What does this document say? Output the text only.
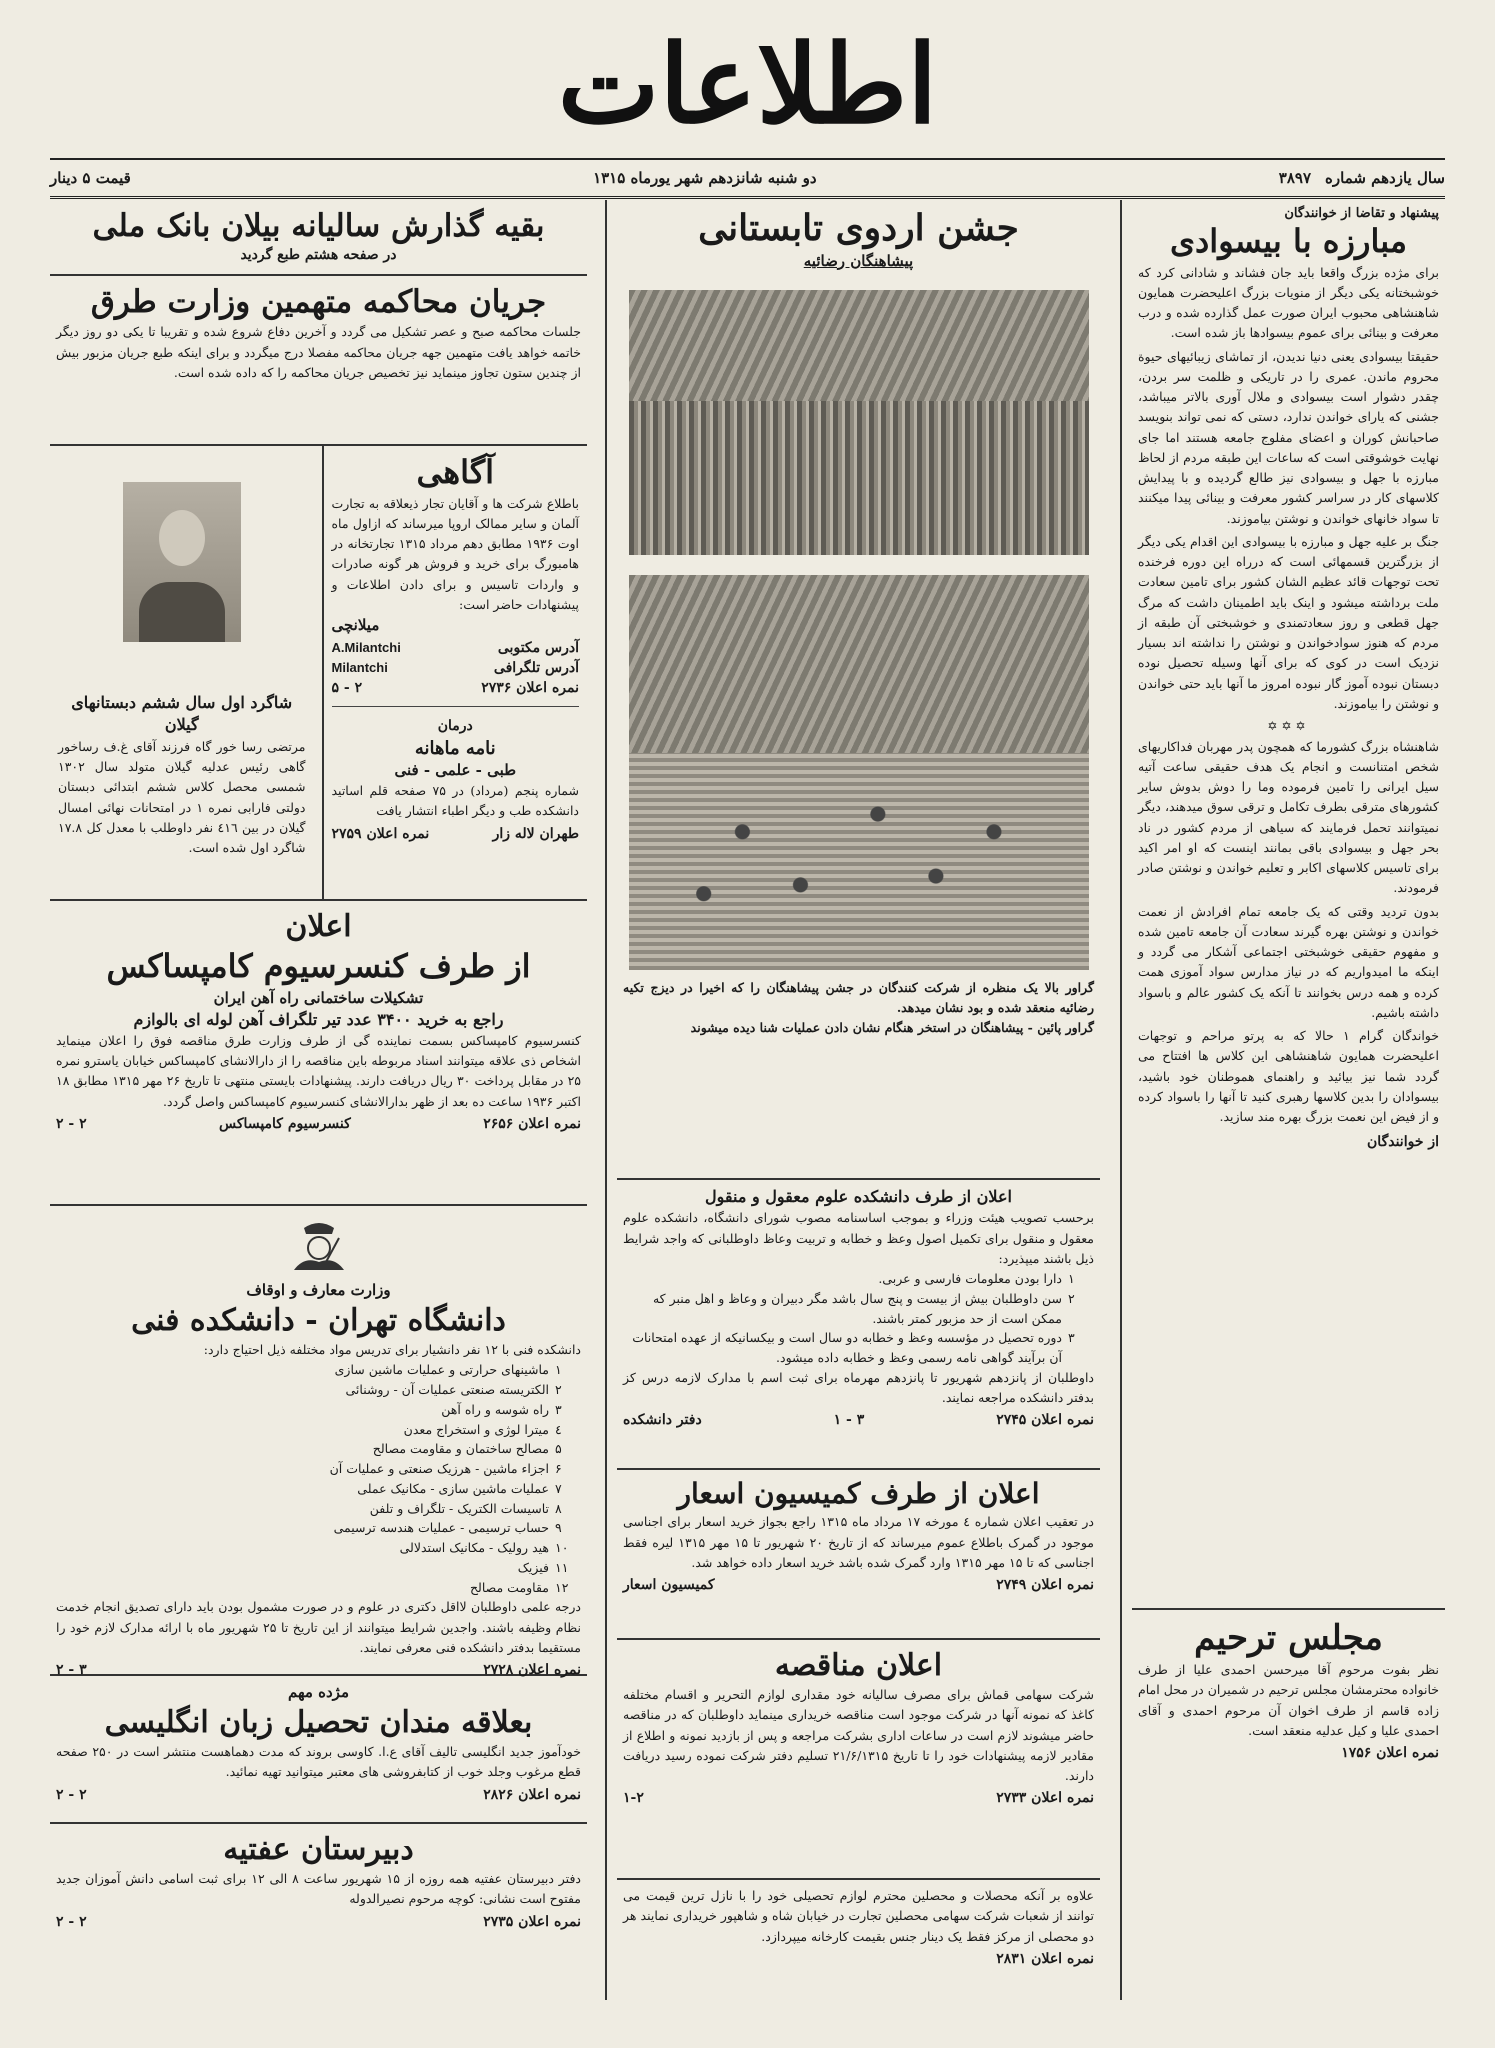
اطلاعات
سال یازدهم شماره
۳۸۹۷
دو شنبه شانزدهم شهر یورماه ۱۳۱۵
قیمت ۵ دینار
پیشنهاد و تقاضا از خوانندگان
مبارزه با بیسوادی

برای مژده بزرگ واقعا باید جان فشاند و شادانی کرد که خوشبختانه یکی دیگر از منویات بزرگ اعلیحضرت همایون شاهنشاهی محبوب ایران صورت عمل گذارده شده و درب معرفت و بینائی برای عموم بیسوادها باز شده است.

حقیقتا بیسوادی یعنی دنیا ندیدن، از تماشای زیبائیهای حیوة محروم ماندن. عمری را در تاریکی و ظلمت سر بردن، چقدر دشوار است بیسوادی و ملال آوری بالاتر میباشد، جشنی که یارای خواندن ندارد، دستی که نمی تواند بنویسد صاحبانش کوران و اعضای مفلوج جامعه هستند اما جای نهایت خوشوقتی است که ساعات این طبقه مردم از لحاظ مبارزه با جهل و بیسوادی نیز طالع گردیده و با پیدایش کلاسهای کار در سراسر کشور معرفت و بینائی پیدا میکنند تا سواد خانهای خواندن و نوشتن بیاموزند.

جنگ بر علیه جهل و مبارزه با بیسوادی این اقدام یکی دیگر از بزرگترین قسمهائی است که درراه این دوره فرخنده تحت توجهات قائد عظیم الشان کشور برای تامین سعادت ملت برداشته میشود و اینک باید اطمینان داشت که مرگ جهل قطعی و روز سعادتمندی و خوشبختی آن طبقه از مردم که هنوز سوادخواندن و نوشتن را نداشته اند بسیار نزدیک است در کوی که برای آنها وسیله تحصیل نوده دبستان نبوده آموز گار نبوده امروز ما آنها باید حتی خواندن و نوشتن را بیاموزند.

✡✡✡

شاهنشاه بزرگ کشورما که همچون پدر مهربان فداکاریهای شخص امتنانست و انجام یک هدف حقیقی ساعت آتیه سیل ایرانی را تامین فرموده وما را دوش بدوش سایر کشورهای مترقی بطرف تکامل و ترقی سوق میدهند، دیگر نمیتوانند تحمل فرمایند که سیاهی از مردم کشور در ناد بحر جهل و بیسوادی باقی بمانند اینست که او امر اکید برای تاسیس کلاسهای اکابر و تعلیم خواندن و نوشتن صادر فرمودند.

بدون تردید وقتی که یک جامعه تمام افرادش از نعمت خواندن و نوشتن بهره گیرند سعادت آن جامعه تامین شده و مفهوم حقیقی خوشبختی اجتماعی آشکار می گردد و اینکه ما امیدواریم که در نیاز مدارس سواد آموزی همت کرده و همه درس بخوانند تا آنکه یک کشور عالم و باسواد داشته باشیم.

خواندگان گرام ۱ حالا که به پرتو مراحم و توجهات اعلیحضرت همایون شاهنشاهی این کلاس ها افتتاح می گردد شما نیز بیائید و راهنمای هموطنان خود باشید، بیسوادان را بدین کلاسها رهبری کنید تا آنها را باسواد کرده و از فیض این نعمت بزرگ بهره مند سازید.

از خوانندگان
مجلس ترحیم
نظر بفوت مرحوم آقا میرحسن احمدی علیا از طرف خانواده محترمشان مجلس ترحیم در شمیران در محل امام زاده قاسم از طرف اخوان آن مرحوم احمدی و آقای احمدی علیا و کیل عدلیه منعقد است.
نمره اعلان ۱۷۵۶
جشن اردوی تابستانی
پیشاهنگان رضائیه
گراور بالا یک منظره از شرکت کنندگان در جشن پیشاهنگان را که اخیرا در دیزج تکیه رضائیه منعقد شده و بود نشان میدهد.
گراور پائین - پیشاهنگان در استخر هنگام نشان دادن عملیات شنا دیده میشوند
اعلان از طرف دانشکده علوم معقول و منقول
برحسب تصویب هیئت وزراء و بموجب اساسنامه مصوب شورای دانشگاه، دانشکده علوم معقول و منقول برای تکمیل اصول وعظ و خطابه و تربیت وعاظ داوطلبانی که واجد شرایط ذیل باشند میپذیرد:
۱
دارا بودن معلومات فارسی و عربی.
۲
سن داوطلبان بیش از بیست و پنج سال باشد مگر دبیران و وعاظ و اهل منبر که ممکن است از حد مزبور کمتر باشند.
۳
دوره تحصیل در مؤسسه وعظ و خطابه دو سال است و بیکسانیکه از عهده امتحانات آن برآیند گواهی نامه رسمی وعظ و خطابه داده میشود.
داوطلبان از پانزدهم شهریور تا پانزدهم مهرماه برای ثبت اسم با مدارک لازمه درس کز بدفتر دانشکده مراجعه نمایند.
نمره اعلان ۲۷۴۵
۳ - ۱
دفتر دانشکده
اعلان از طرف کمیسیون اسعار
در تعقیب اعلان شماره ٤ مورخه ۱۷ مرداد ماه ۱۳۱۵ راجع بجواز خرید اسعار برای اجناسی موجود در گمرک باطلاع عموم میرساند که از تاریخ ۲۰ شهریور تا ۱۵ مهر ۱۳۱۵ لیره فقط اجناسی که تا ۱۵ مهر ۱۳۱۵ وارد گمرک شده باشد خرید اسعار داده خواهد شد.
نمره اعلان ۲۷۴۹
کمیسیون اسعار
اعلان مناقصه
شرکت سهامی قماش برای مصرف سالیانه خود مقداری لوازم التحریر و اقسام مختلفه کاغذ که نمونه آنها در شرکت موجود است مناقصه خریداری مینماید داوطلبان که در مناقصه حاضر میشوند لازم است در ساعات اداری بشرکت مراجعه و پس از بازدید نمونه و اطلاع از مقادیر لازمه پیشنهادات خود را تا تاریخ ۲۱/۶/۱۳۱۵ تسلیم دفتر شرکت نموده رسید دریافت دارند.
نمره اعلان ۲۷۳۳
۱-۲
علاوه بر آنکه محصلات و محصلین محترم لوازم تحصیلی خود را با نازل ترین قیمت می توانند از شعبات شرکت سهامی محصلین تجارت در خیابان شاه و شاهپور خریداری نمایند هر دو محصلی از مرکز فقط یک دینار جنس بقیمت کارخانه میپردازد.
نمره اعلان ۲۸۳۱
بقیه گذارش سالیانه بیلان بانک ملی
در صفحه هشتم طبع گردید
جریان محاکمه متهمین وزارت طرق
جلسات محاکمه صبح و عصر تشکیل می گردد و آخرین دفاع شروع شده و تقریبا تا یکی دو روز دیگر خاتمه خواهد یافت متهمین جهه جریان محاکمه مفصلا درج میگردد و برای اینکه طبع جریان مزبور بیش از چندین ستون تجاوز مینماید نیز تخصیص جریان محاکمه را که داده شده است.
آگاهی
باطلاع شرکت ها و آقایان تجار ذیعلاقه به تجارت آلمان و سایر ممالک اروپا میرساند که ازاول ماه اوت ۱۹۳۶ مطابق دهم مرداد ۱۳۱۵ تجارتخانه در هامبورگ برای خرید و فروش هر گونه صادرات و واردات تاسیس و برای دادن اطلاعات و پیشنهادات حاضر است:
میلانچی
آدرس مکتوبی
A.Milantchi
آدرس تلگرافی
Milantchi
نمره اعلان ۲۷۳۶
۲ - ۵
درمان
نامه ماهانه
طبی - علمی - فنی
شماره پنجم (مرداد) در ۷۵ صفحه قلم اساتید دانشکده طب و دیگر اطباء انتشار یافت
طهران لاله زار
نمره اعلان ۲۷۵۹
شاگرد اول سال ششم دبستانهای گیلان
مرتضی رسا خور گاه فرزند آقای غ.ف رساخور گاهی رئیس عدلیه گیلان متولد سال ۱۳۰۲ شمسی محصل کلاس ششم ابتدائی دبستان دولتی فارابی نمره ۱ در امتحانات نهائی امسال گیلان در بین ٤١٦ نفر داوطلب با معدل کل ۱۷.۸ شاگرد اول شده است.
اعلان
از طرف کنسرسیوم کامپساکس
تشکیلات ساختمانی راه آهن ایران
راجع به خرید ۳۴۰۰ عدد تیر تلگراف آهن لوله ای بالوازم
کنسرسیوم کامپساکس بسمت نماینده گی از طرف وزارت طرق مناقصه فوق را اعلان مینماید اشخاص ذی علاقه میتوانند اسناد مربوطه باین مناقصه را از دارالانشای کامپساکس خیابان یاسترو نمره ۲۵ در مقابل پرداخت ۳۰ ریال دریافت دارند. پیشنهادات بایستی منتهی تا تاریخ ۲۶ مهر ۱۳۱۵ مطابق ۱۸ اکتبر ۱۹۳۶ ساعت ده بعد از ظهر بدارالانشای کنسرسیوم کامپساکس واصل گردد.
نمره اعلان ۲۶۵۶
کنسرسیوم کامپساکس
۲ - ۲
وزارت معارف و اوقاف
دانشگاه تهران - دانشکده فنی
دانشکده فنی با ۱۲ نفر دانشیار برای تدریس مواد مختلفه ذیل احتیاج دارد:
۱
ماشینهای حرارتی و عملیات ماشین سازی
۲
الکتریسته صنعتی عملیات آن - روشنائی
۳
راه شوسه و راه آهن
٤
میترا لوژی و استخراج معدن
۵
مصالح ساختمان و مقاومت مصالح
۶
اجزاء ماشین - هرزیک صنعتی و عملیات آن
۷
عملیات ماشین سازی - مکانیک عملی
۸
تاسیسات الکتریک - تلگراف و تلفن
۹
حساب ترسیمی - عملیات هندسه ترسیمی
۱۰
هید رولیک - مکانیک استدلالی
۱۱
فیزیک
۱۲
مقاومت مصالح
درجه علمی داوطلبان لااقل دکتری در علوم و در صورت مشمول بودن باید دارای تصدیق انجام خدمت نظام وظیفه باشند. واجدین شرایط میتوانند از این تاریخ تا ۲۵ شهریور ماه با ارائه مدارک لازم خود را مستقیما بدفتر دانشکده فنی معرفی نمایند.
نمره اعلان ۲۷۲۸
۳ - ۲
مژده مهم
بعلاقه مندان تحصیل زبان انگلیسی
خودآموز جدید انگلیسی تالیف آقای ع.ا. کاوسی بروند که مدت دهماهست منتشر است در ۲۵۰ صفحه قطع مرغوب وجلد خوب از کتابفروشی های معتبر میتوانید تهیه نمائید.
نمره اعلان ۲۸۲۶
۲ - ۲
دبیرستان عفتیه
دفتر دبیرستان عفتیه همه روزه از ۱۵ شهریور ساعت ۸ الی ۱۲ برای ثبت اسامی دانش آموزان جدید مفتوح است نشانی: کوچه مرحوم نصیرالدوله
نمره اعلان ۲۷۳۵
۲ - ۲
